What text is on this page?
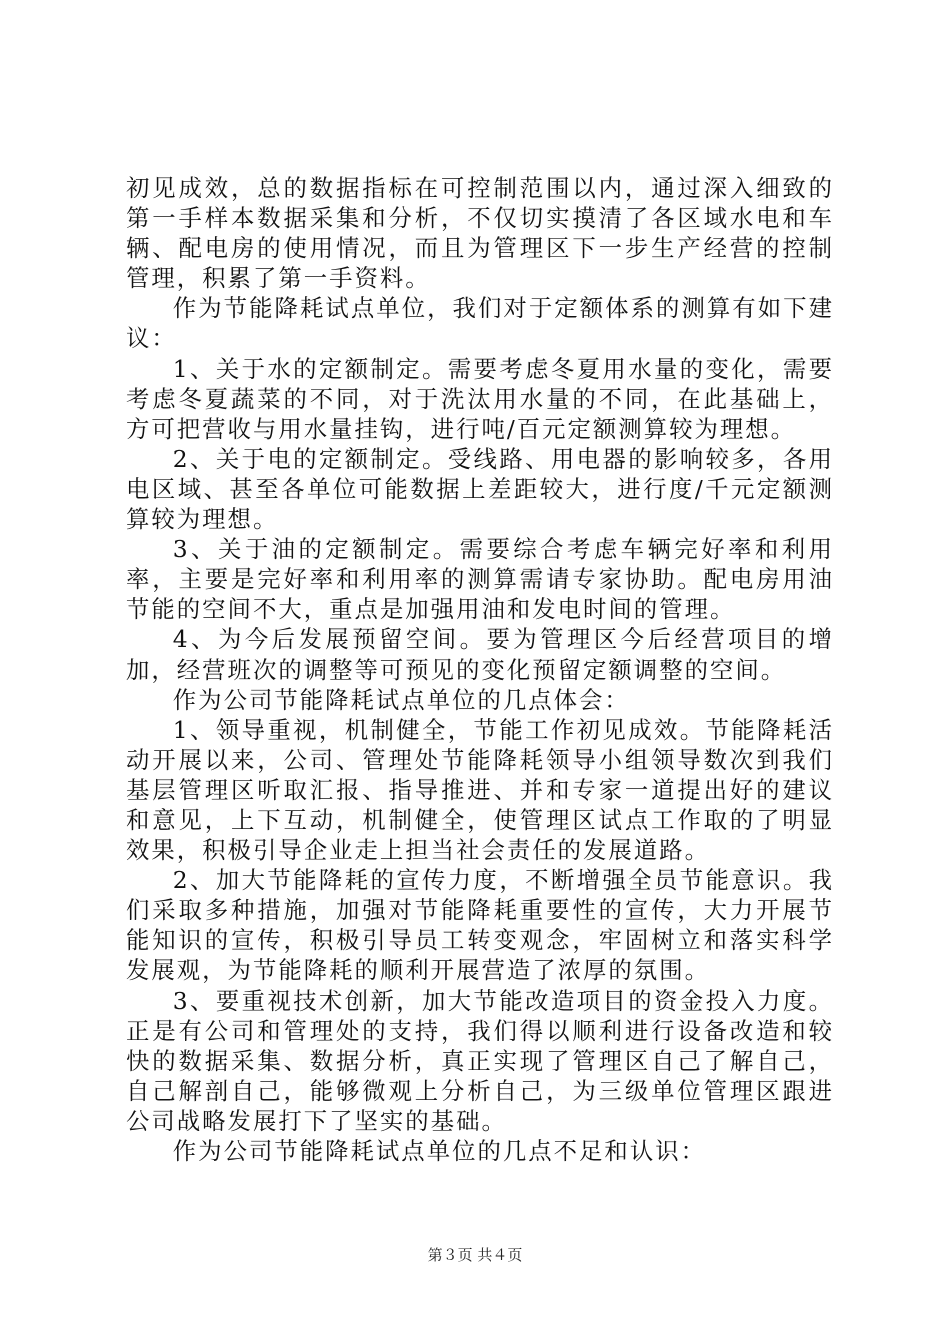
初见成效，总的数据指标在可控制范围以内，通过深入细致的第一手样本数据采集和分析，不仅切实摸清了各区域水电和车辆、配电房的使用情况，而且为管理区下一步生产经营的控制管理，积累了第一手资料。

作为节能降耗试点单位，我们对于定额体系的测算有如下建议：

1、关于水的定额制定。需要考虑冬夏用水量的变化，需要考虑冬夏蔬菜的不同，对于洗汰用水量的不同，在此基础上，方可把营收与用水量挂钩，进行吨/百元定额测算较为理想。

2、关于电的定额制定。受线路、用电器的影响较多，各用电区域、甚至各单位可能数据上差距较大，进行度/千元定额测算较为理想。

3、关于油的定额制定。需要综合考虑车辆完好率和利用率，主要是完好率和利用率的测算需请专家协助。配电房用油节能的空间不大，重点是加强用油和发电时间的管理。

4、为今后发展预留空间。要为管理区今后经营项目的增加，经营班次的调整等可预见的变化预留定额调整的空间。

作为公司节能降耗试点单位的几点体会：

1、领导重视，机制健全，节能工作初见成效。节能降耗活动开展以来，公司、管理处节能降耗领导小组领导数次到我们基层管理区听取汇报、指导推进、并和专家一道提出好的建议和意见，上下互动，机制健全，使管理区试点工作取的了明显效果，积极引导企业走上担当社会责任的发展道路。

2、加大节能降耗的宣传力度，不断增强全员节能意识。我们采取多种措施，加强对节能降耗重要性的宣传，大力开展节能知识的宣传，积极引导员工转变观念，牢固树立和落实科学发展观，为节能降耗的顺利开展营造了浓厚的氛围。

3、要重视技术创新，加大节能改造项目的资金投入力度。正是有公司和管理处的支持，我们得以顺利进行设备改造和较快的数据采集、数据分析，真正实现了管理区自己了解自己，自己解剖自己，能够微观上分析自己，为三级单位管理区跟进公司战略发展打下了坚实的基础。

作为公司节能降耗试点单位的几点不足和认识：

第３页 共４页
